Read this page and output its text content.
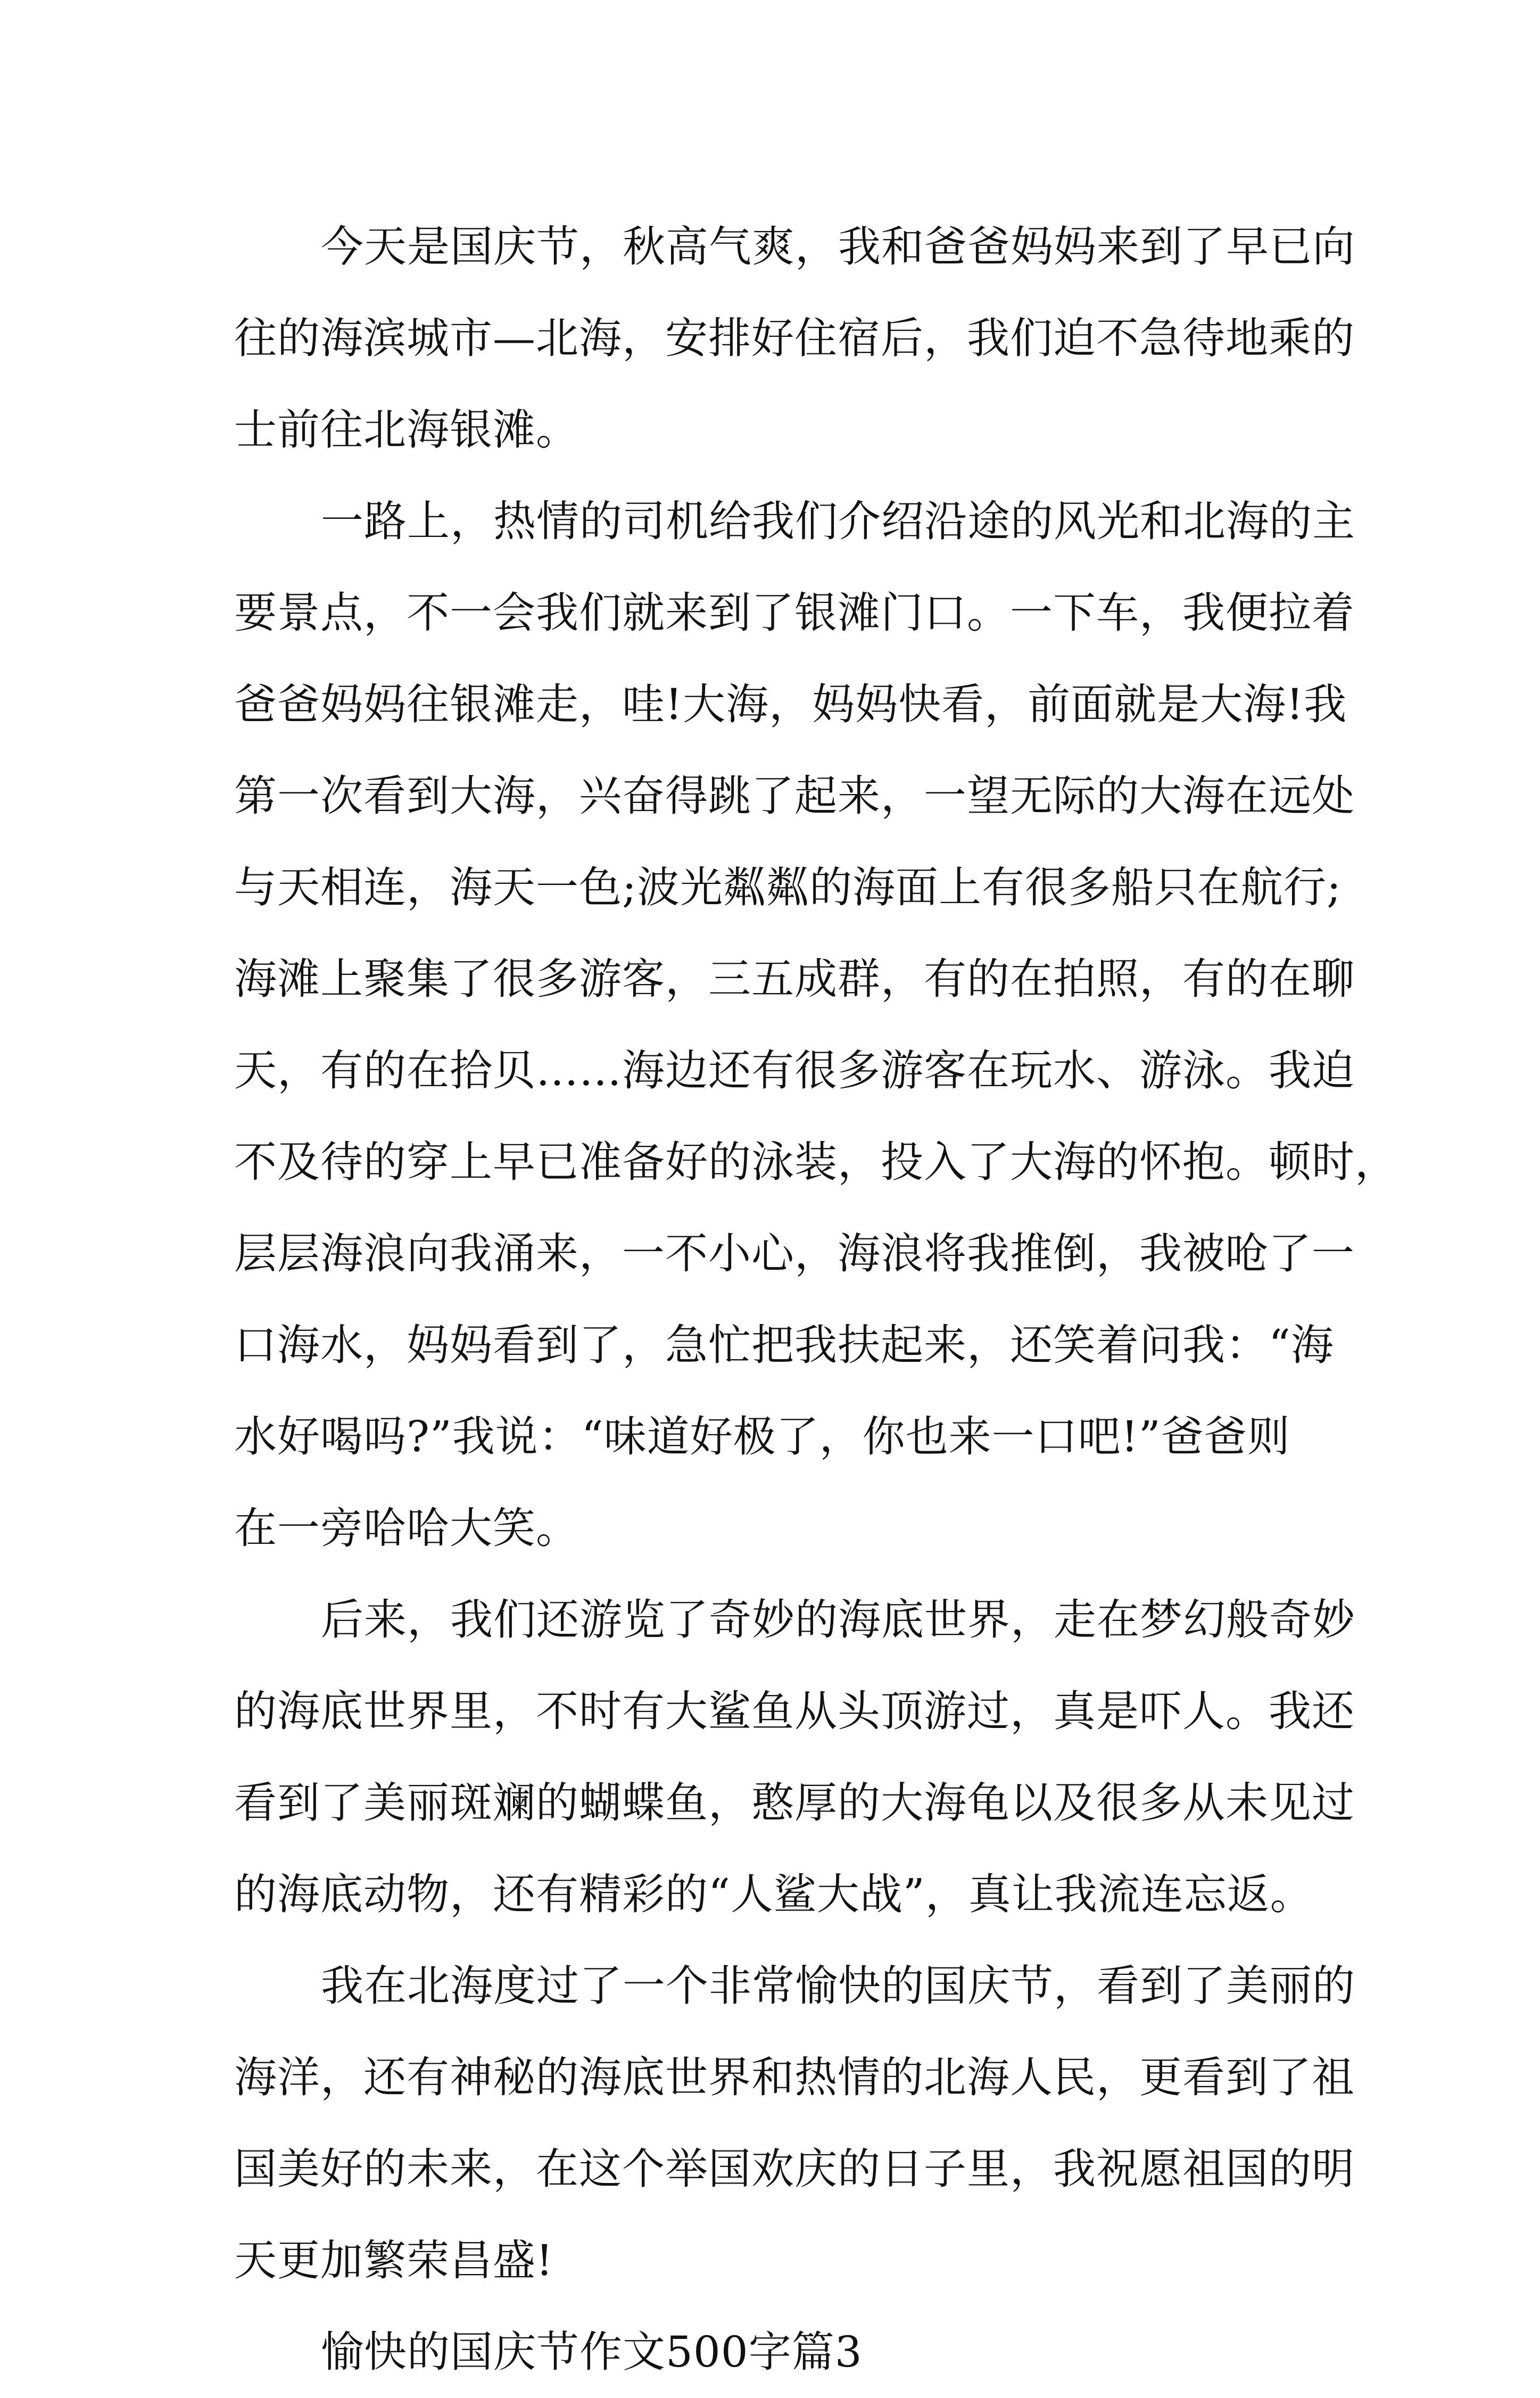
今天是国庆节，秋高气爽，我和爸爸妈妈来到了早已向
往的海滨城市—北海，安排好住宿后，我们迫不急待地乘的
士前往北海银滩。
一路上，热情的司机给我们介绍沿途的风光和北海的主
要景点，不一会我们就来到了银滩门口。一下车，我便拉着
爸爸妈妈往银滩走，哇!大海，妈妈快看，前面就是大海!我
第一次看到大海，兴奋得跳了起来，一望无际的大海在远处
与天相连，海天一色;波光粼粼的海面上有很多船只在航行;
海滩上聚集了很多游客，三五成群，有的在拍照，有的在聊
天，有的在拾贝……海边还有很多游客在玩水、游泳。我迫
不及待的穿上早已准备好的泳装，投入了大海的怀抱。顿时，
层层海浪向我涌来，一不小心，海浪将我推倒，我被呛了一
口海水，妈妈看到了，急忙把我扶起来，还笑着问我：“海
水好喝吗?”我说：“味道好极了，你也来一口吧!”爸爸则
在一旁哈哈大笑。
后来，我们还游览了奇妙的海底世界，走在梦幻般奇妙
的海底世界里，不时有大鲨鱼从头顶游过，真是吓人。我还
看到了美丽斑斓的蝴蝶鱼，憨厚的大海龟以及很多从未见过
的海底动物，还有精彩的“人鲨大战”，真让我流连忘返。
我在北海度过了一个非常愉快的国庆节，看到了美丽的
海洋，还有神秘的海底世界和热情的北海人民，更看到了祖
国美好的未来，在这个举国欢庆的日子里，我祝愿祖国的明
天更加繁荣昌盛!
愉快的国庆节作文500字篇3
